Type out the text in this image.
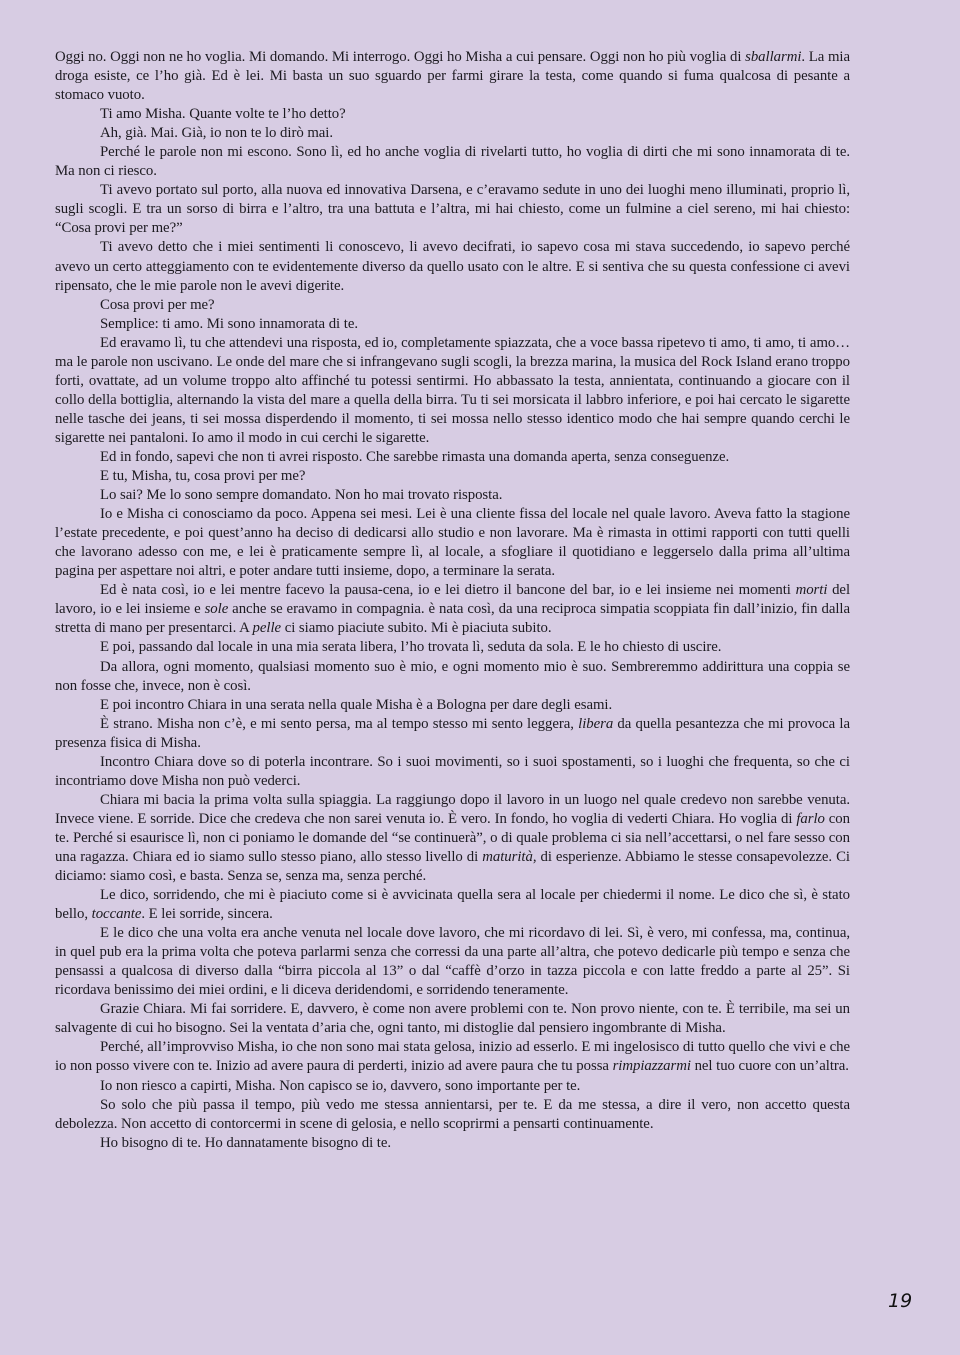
Oggi no. Oggi non ne ho voglia. Mi domando. Mi interrogo. Oggi ho Misha a cui pensare. Oggi non ho più voglia di sballarmi. La mia droga esiste, ce l’ho già. Ed è lei. Mi basta un suo sguardo per farmi girare la testa, come quando si fuma qualcosa di pesante a stomaco vuoto.

Ti amo Misha. Quante volte te l’ho detto?

Ah, già. Mai. Già, io non te lo dirò mai.

Perché le parole non mi escono. Sono lì, ed ho anche voglia di rivelarti tutto, ho voglia di dirti che mi sono innamorata di te. Ma non ci riesco.

Ti avevo portato sul porto, alla nuova ed innovativa Darsena, e c’eravamo sedute in uno dei luoghi meno illuminati, proprio lì, sugli scogli. E tra un sorso di birra e l’altro, tra una battuta e l’altra, mi hai chiesto, come un fulmine a ciel sereno, mi hai chiesto: “Cosa provi per me?”

Ti avevo detto che i miei sentimenti li conoscevo, li avevo decifrati, io sapevo cosa mi stava succedendo, io sapevo perché avevo un certo atteggiamento con te evidentemente diverso da quello usato con le altre. E si sentiva che su questa confessione ci avevi ripensato, che le mie parole non le avevi digerite.

Cosa provi per me?

Semplice: ti amo. Mi sono innamorata di te.

Ed eravamo lì, tu che attendevi una risposta, ed io, completamente spiazzata, che a voce bassa ripetevo ti amo, ti amo, ti amo…ma le parole non uscivano. Le onde del mare che si infrangevano sugli scogli, la brezza marina, la musica del Rock Island erano troppo forti, ovattate, ad un volume troppo alto affinché tu potessi sentirmi. Ho abbassato la testa, annientata, continuando a giocare con il collo della bottiglia, alternando la vista del mare a quella della birra. Tu ti sei morsicata il labbro inferiore, e poi hai cercato le sigarette nelle tasche dei jeans, ti sei mossa disperdendo il momento, ti sei mossa nello stesso identico modo che hai sempre quando cerchi le sigarette nei pantaloni. Io amo il modo in cui cerchi le sigarette.

Ed in fondo, sapevi che non ti avrei risposto. Che sarebbe rimasta una domanda aperta, senza conseguenze.

E tu, Misha, tu, cosa provi per me?

Lo sai? Me lo sono sempre domandato. Non ho mai trovato risposta.

Io e Misha ci conosciamo da poco. Appena sei mesi. Lei è una cliente fissa del locale nel quale lavoro. Aveva fatto la stagione l’estate precedente, e poi quest’anno ha deciso di dedicarsi allo studio e non lavorare. Ma è rimasta in ottimi rapporti con tutti quelli che lavorano adesso con me, e lei è praticamente sempre lì, al locale, a sfogliare il quotidiano e leggerselo dalla prima all’ultima pagina per aspettare noi altri, e poter andare tutti insieme, dopo, a terminare la serata.

Ed è nata così, io e lei mentre facevo la pausa-cena, io e lei dietro il bancone del bar, io e lei insieme nei momenti morti del lavoro, io e lei insieme e sole anche se eravamo in compagnia. è nata così, da una reciproca simpatia scoppiata fin dall’inizio, fin dalla stretta di mano per presentarci. A pelle ci siamo piaciute subito. Mi è piaciuta subito.

E poi, passando dal locale in una mia serata libera, l’ho trovata lì, seduta da sola. E le ho chiesto di uscire.

Da allora, ogni momento, qualsiasi momento suo è mio, e ogni momento mio è suo. Sembreremmo addirittura una coppia se non fosse che, invece, non è così.

E poi incontro Chiara in una serata nella quale Misha è a Bologna per dare degli esami.

È strano. Misha non c’è, e mi sento persa, ma al tempo stesso mi sento leggera, libera da quella pesantezza che mi provoca la presenza fisica di Misha.

Incontro Chiara dove so di poterla incontrare. So i suoi movimenti, so i suoi spostamenti, so i luoghi che frequenta, so che ci incontriamo dove Misha non può vederci.

Chiara mi bacia la prima volta sulla spiaggia. La raggiungo dopo il lavoro in un luogo nel quale credevo non sarebbe venuta. Invece viene. E sorride. Dice che credeva che non sarei venuta io. È vero. In fondo, ho voglia di vederti Chiara. Ho voglia di farlo con te. Perché si esaurisce lì, non ci poniamo le domande del “se continuerà”, o di quale problema ci sia nell’accettarsi, o nel fare sesso con una ragazza. Chiara ed io siamo sullo stesso piano, allo stesso livello di maturità, di esperienze. Abbiamo le stesse consapevolezze. Ci diciamo: siamo così, e basta. Senza se, senza ma, senza perché.

Le dico, sorridendo, che mi è piaciuto come si è avvicinata quella sera al locale per chiedermi il nome. Le dico che sì, è stato bello, toccante. E lei sorride, sincera.

E le dico che una volta era anche venuta nel locale dove lavoro, che mi ricordavo di lei. Sì, è vero, mi confessa, ma, continua, in quel pub era la prima volta che poteva parlarmi senza che corressi da una parte all’altra, che potevo dedicarle più tempo e senza che pensassi a qualcosa di diverso dalla “birra piccola al 13” o dal “caffè d’orzo in tazza piccola e con latte freddo a parte al 25”. Si ricordava benissimo dei miei ordini, e li diceva deridendomi, e sorridendo teneramente.

Grazie Chiara. Mi fai sorridere. E, davvero, è come non avere problemi con te. Non provo niente, con te. È terribile, ma sei un salvagente di cui ho bisogno. Sei la ventata d’aria che, ogni tanto, mi distoglie dal pensiero ingombrante di Misha.

Perché, all’improvviso Misha, io che non sono mai stata gelosa, inizio ad esserlo. E mi ingelosisco di tutto quello che vivi e che io non posso vivere con te. Inizio ad avere paura di perderti, inizio ad avere paura che tu possa rimpiazzarmi nel tuo cuore con un’altra.

Io non riesco a capirti, Misha. Non capisco se io, davvero, sono importante per te.

So solo che più passa il tempo, più vedo me stessa annientarsi, per te. E da me stessa, a dire il vero, non accetto questa debolezza. Non accetto di contorcermi in scene di gelosia, e nello scoprirmi a pensarti continuamente.

Ho bisogno di te. Ho dannatamente bisogno di te.

19
